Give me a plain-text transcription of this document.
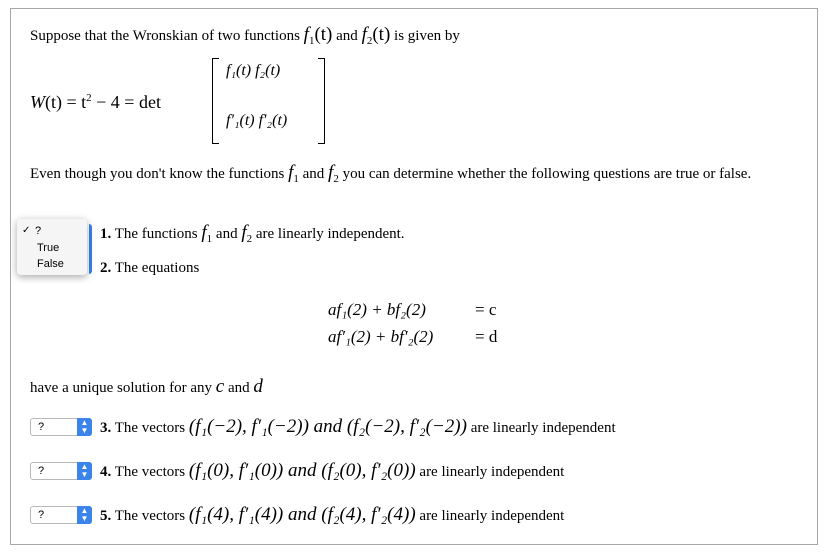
Suppose that the Wronskian of two functions $f_1(t)$ and $f_2(t)$ is given by
$W(t) = t^2 - 4 = \det$
f₁(t) f₂(t)
f′₁(t) f′₂(t)
Even though you don't know the functions $f_1$ and $f_2$ you can determine whether the following questions are true or false.
1. The functions $f_1$ and $f_2$ are linearly independent.
2. The equations
af₁(2) + bf₂(2)	= c
af′₁(2) + bf′₂(2) = d
have a unique solution for any c and d
?	▲
▼ 3. The vectors (f₁(−2), f′₁(−2)) and (f₂(−2), f′₂(−2)) are linearly independent
?	▲
▼ 4. The vectors (f₁(0), f′₁(0)) and (f₂(0), f′₂(0)) are linearly independent
?	▲
▼ 5. The vectors (f₁(4), f′₁(4)) and (f₂(4), f′₂(4)) are linearly independent
✓ ?
True
False
